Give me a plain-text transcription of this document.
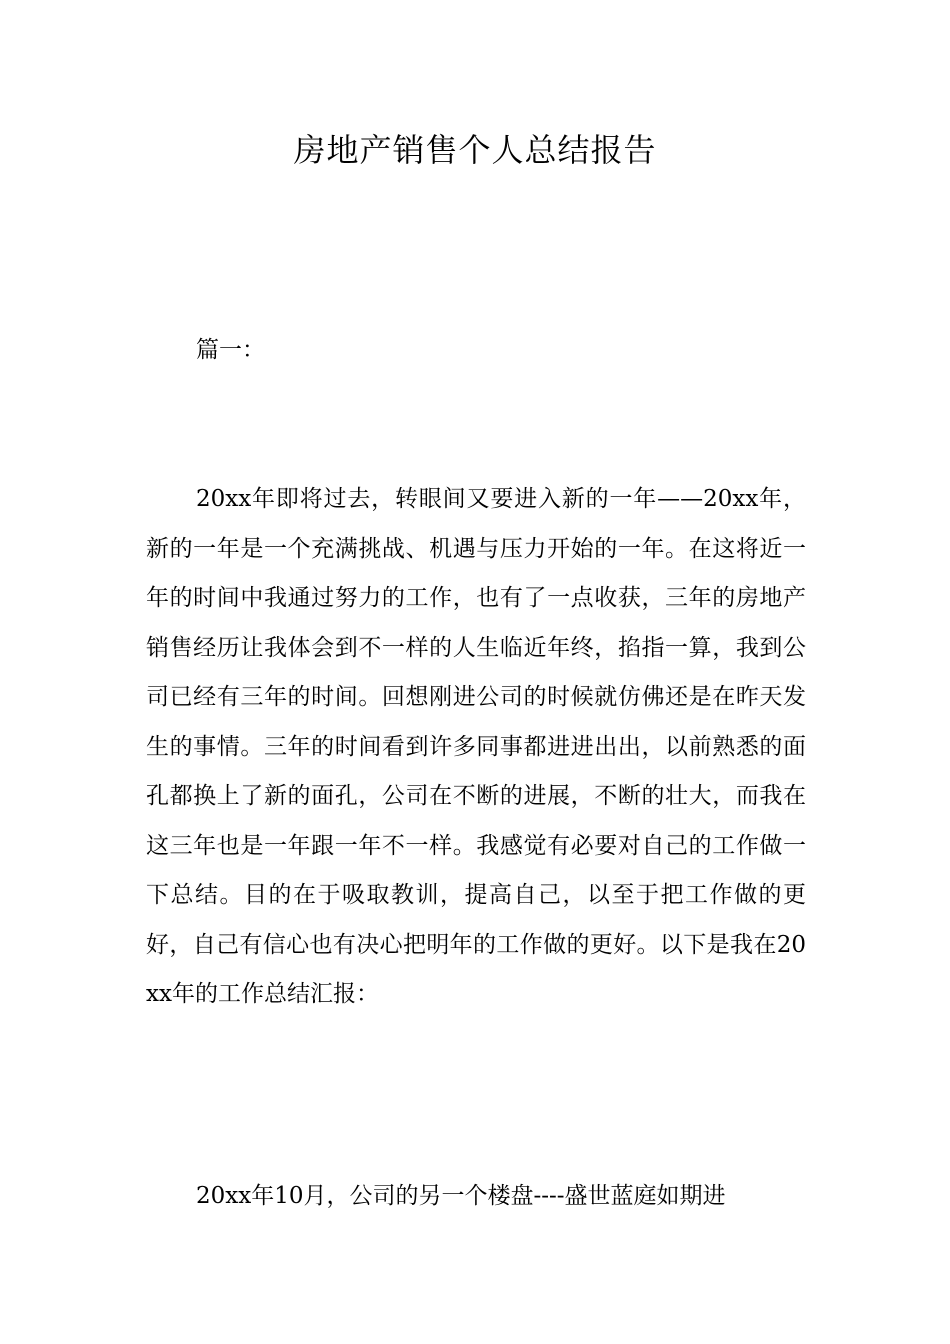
房地产销售个人总结报告

篇一：

20xx年即将过去，转眼间又要进入新的一年——20xx年，新的一年是一个充满挑战、机遇与压力开始的一年。在这将近一年的时间中我通过努力的工作，也有了一点收获，三年的房地产销售经历让我体会到不一样的人生临近年终，掐指一算，我到公司已经有三年的时间。回想刚进公司的时候就仿佛还是在昨天发生的事情。三年的时间看到许多同事都进进出出，以前熟悉的面孔都换上了新的面孔，公司在不断的进展，不断的壮大，而我在这三年也是一年跟一年不一样。我感觉有必要对自己的工作做一下总结。目的在于吸取教训，提高自己，以至于把工作做的更好，自己有信心也有决心把明年的工作做的更好。以下是我在20xx年的工作总结汇报：

20xx年10月，公司的另一个楼盘----盛世蓝庭如期进
